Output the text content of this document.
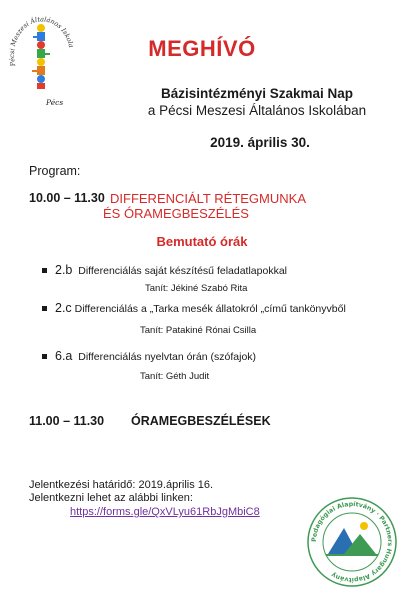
Pécsi Meszesi Általános Iskola
Pécs
MEGHÍVÓ
Bázisintézményi Szakmai Nap
a Pécsi Meszesi Általános Iskolában
2019. április 30.
Program:
10.00 – 11.30 DIFFERENCIÁLT RÉTEGMUNKA
ÉS ÓRAMEGBESZÉLÉS
Bemutató órák
2.b Differenciálás saját készítésű feladatlapokkal
Tanít: Jékiné Szabó Rita
2.c Differenciálás a „Tarka mesék állatokról „című tankönyvből
Tanít: Patakiné Rónai Csilla
6.a Differenciálás nyelvtan órán (szófajok)
Tanít: Géth Judit
11.00 – 11.30 ÓRAMEGBESZÉLÉSEK
Jelentkezési határidő: 2019.április 16.
Jelentkezni lehet az alábbi linken:
https://forms.gle/QxVLyu61RbJgMbiC8
Pedagógiai Alapítvány · Partners Hungary Alapítvány
